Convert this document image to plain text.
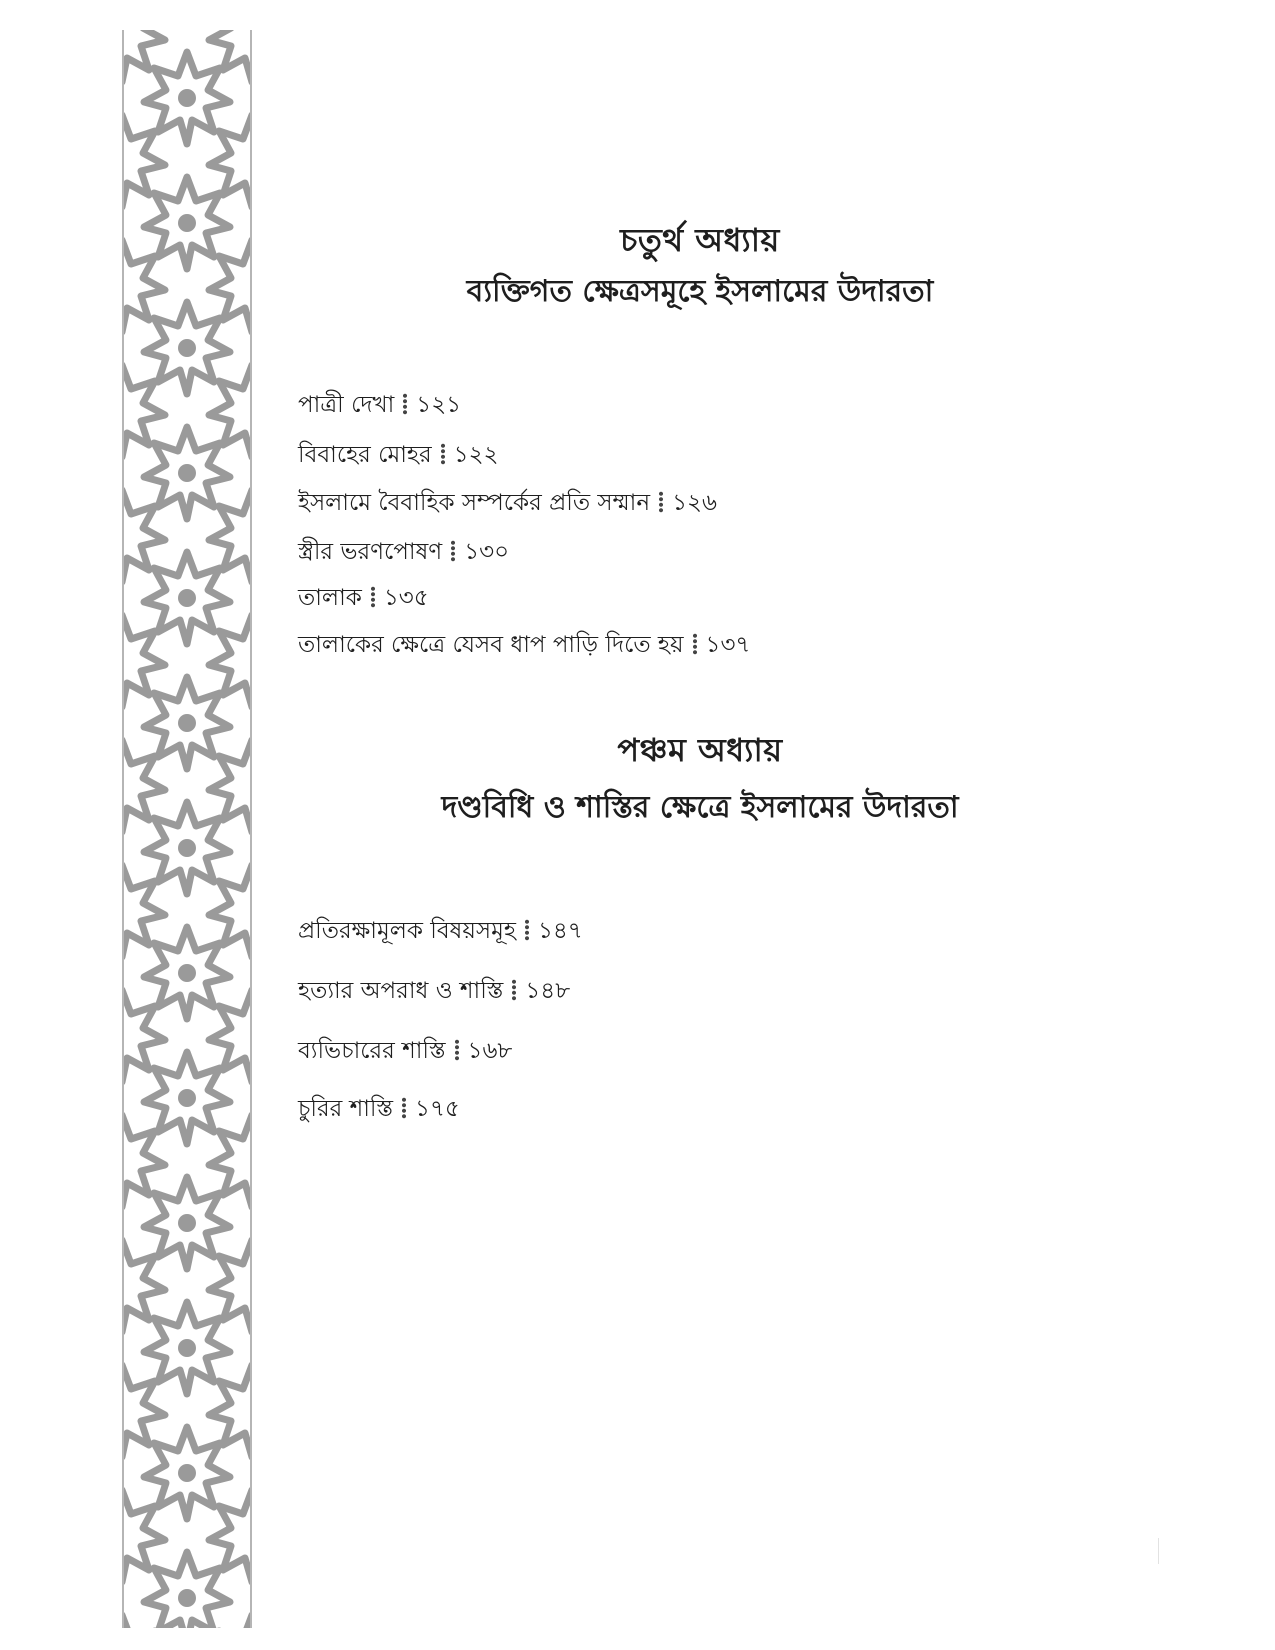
চতুর্থ অধ্যায়
ব্যক্তিগত ক্ষেত্রসমূহে ইসলামের উদারতা
পাত্রী দেখা ১২১
বিবাহের মোহর ১২২
ইসলামে বৈবাহিক সম্পর্কের প্রতি সম্মান ১২৬
স্ত্রীর ভরণপোষণ ১৩০
তালাক ১৩৫
তালাকের ক্ষেত্রে যেসব ধাপ পাড়ি দিতে হয় ১৩৭
পঞ্চম অধ্যায়
দণ্ডবিধি ও শাস্তির ক্ষেত্রে ইসলামের উদারতা
প্রতিরক্ষামূলক বিষয়সমূহ ১৪৭
হত্যার অপরাধ ও শাস্তি ১৪৮
ব্যভিচারের শাস্তি ১৬৮
চুরির শাস্তি ১৭৫
